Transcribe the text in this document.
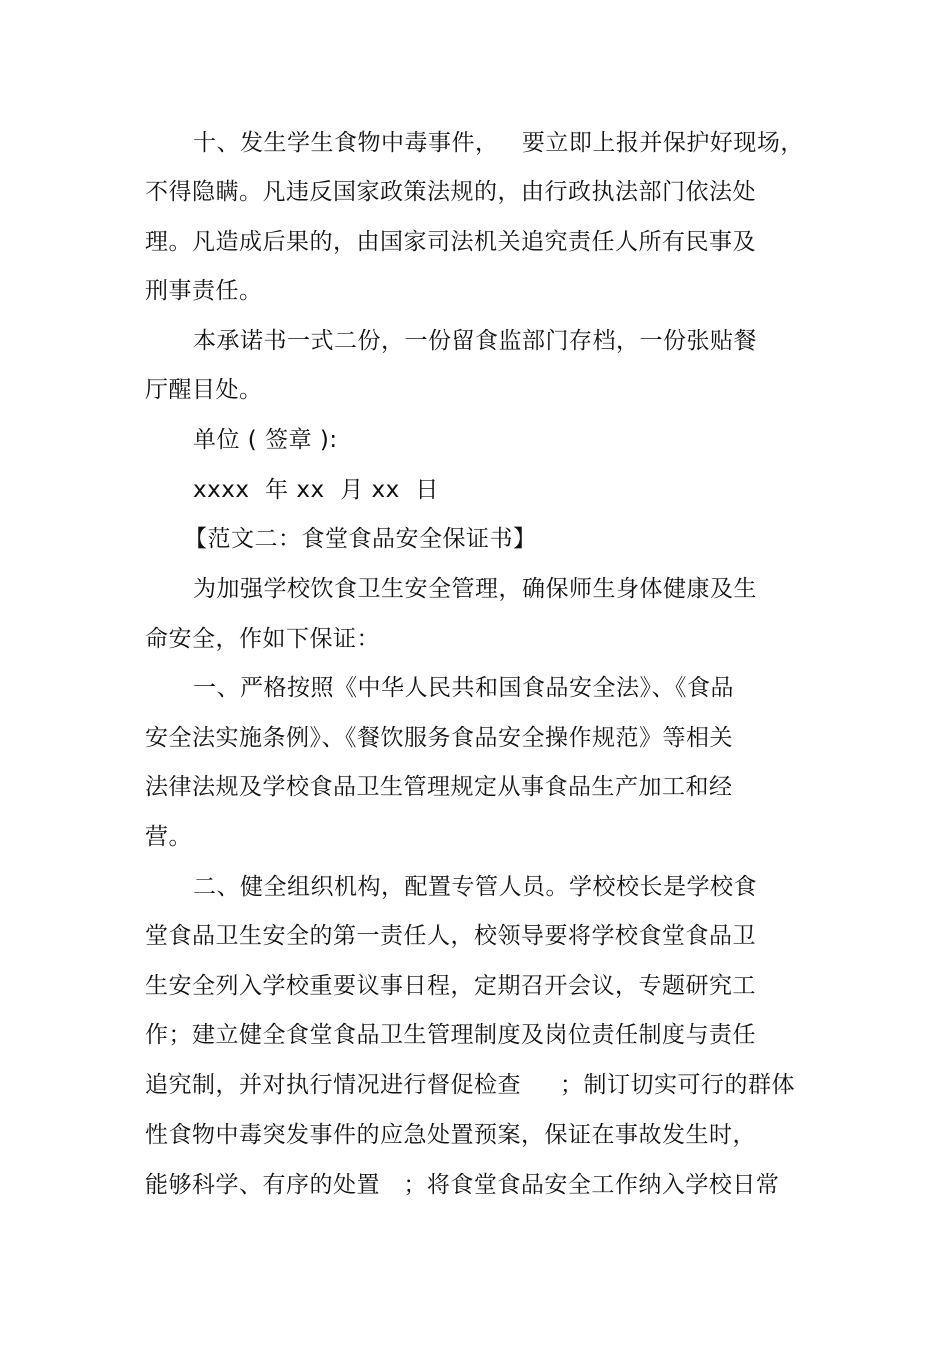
十、发生学生食物中毒事件，   要立即上报并保护好现场，
不得隐瞒。凡违反国家政策法规的，由行政执法部门依法处
理。凡造成后果的，由国家司法机关追究责任人所有民事及
刑事责任。
本承诺书一式二份，一份留食监部门存档，一份张贴餐
厅醒目处。
单位 ( 签章 ):
xxxx  年 xx  月 xx  日
【范文二：食堂食品安全保证书】
为加强学校饮食卫生安全管理，确保师生身体健康及生
命安全，作如下保证：
一、严格按照《中华人民共和国食品安全法》、《食品
安全法实施条例》、《餐饮服务食品安全操作规范》等相关
法律法规及学校食品卫生管理规定从事食品生产加工和经
营。
二、健全组织机构，配置专管人员。学校校长是学校食
堂食品卫生安全的第一责任人，校领导要将学校食堂食品卫
生安全列入学校重要议事日程，定期召开会议，专题研究工
作；建立健全食堂食品卫生管理制度及岗位责任制度与责任
追究制，并对执行情况进行督促检查     ；制订切实可行的群体
性食物中毒突发事件的应急处置预案，保证在事故发生时，
能够科学、有序的处置   ；将食堂食品安全工作纳入学校日常
